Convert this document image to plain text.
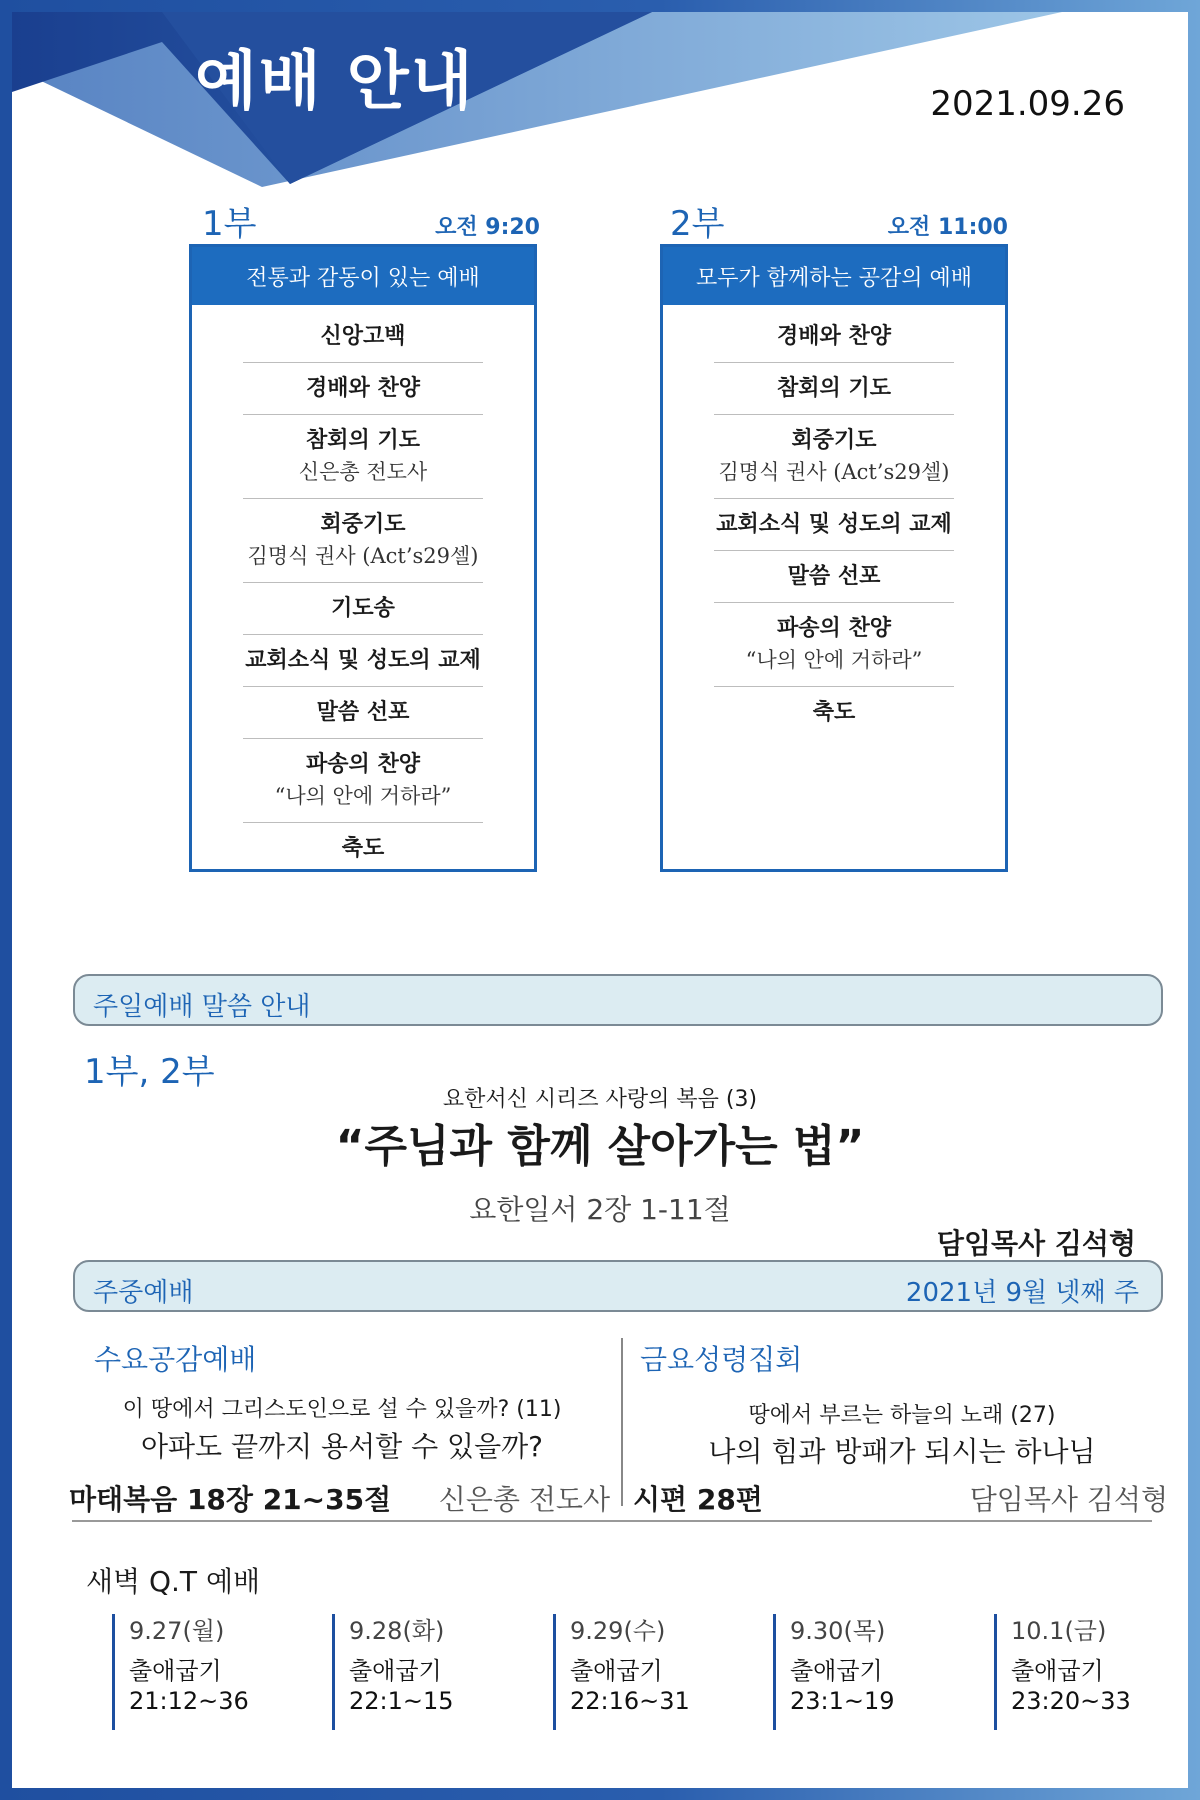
예배 안내	2021.09.26
1부	오전 9:20
전통과 감동이 있는 예배
신앙고백
경배와 찬양
참회의 기도
신은총 전도사
회중기도
김명식 권사 (Act’s29셀)
기도송
교회소식 및 성도의 교제
말씀 선포
파송의 찬양
“나의 안에 거하라”
축도
2부	오전 11:00
모두가 함께하는 공감의 예배
경배와 찬양
참회의 기도
회중기도
김명식 권사 (Act’s29셀)
교회소식 및 성도의 교제
말씀 선포
파송의 찬양
“나의 안에 거하라”
축도
주일예배 말씀 안내
1부, 2부
요한서신 시리즈 사랑의 복음 (3)
“주님과 함께 살아가는 법”
요한일서 2장 1-11절
담임목사 김석형
주중예배	2021년 9월 넷째 주
수요공감예배
이 땅에서 그리스도인으로 설 수 있을까? (11)
아파도 끝까지 용서할 수 있을까?
마태복음 18장 21~35절 신은총 전도사
금요성령집회
땅에서 부르는 하늘의 노래 (27)
나의 힘과 방패가 되시는 하나님
시편 28편	담임목사 김석형
새벽 Q.T 예배
9.27(월)
출애굽기
21:12~36
9.28(화)
출애굽기
22:1~15
9.29(수)
출애굽기
22:16~31
9.30(목)
출애굽기
23:1~19
10.1(금)
출애굽기
23:20~33
